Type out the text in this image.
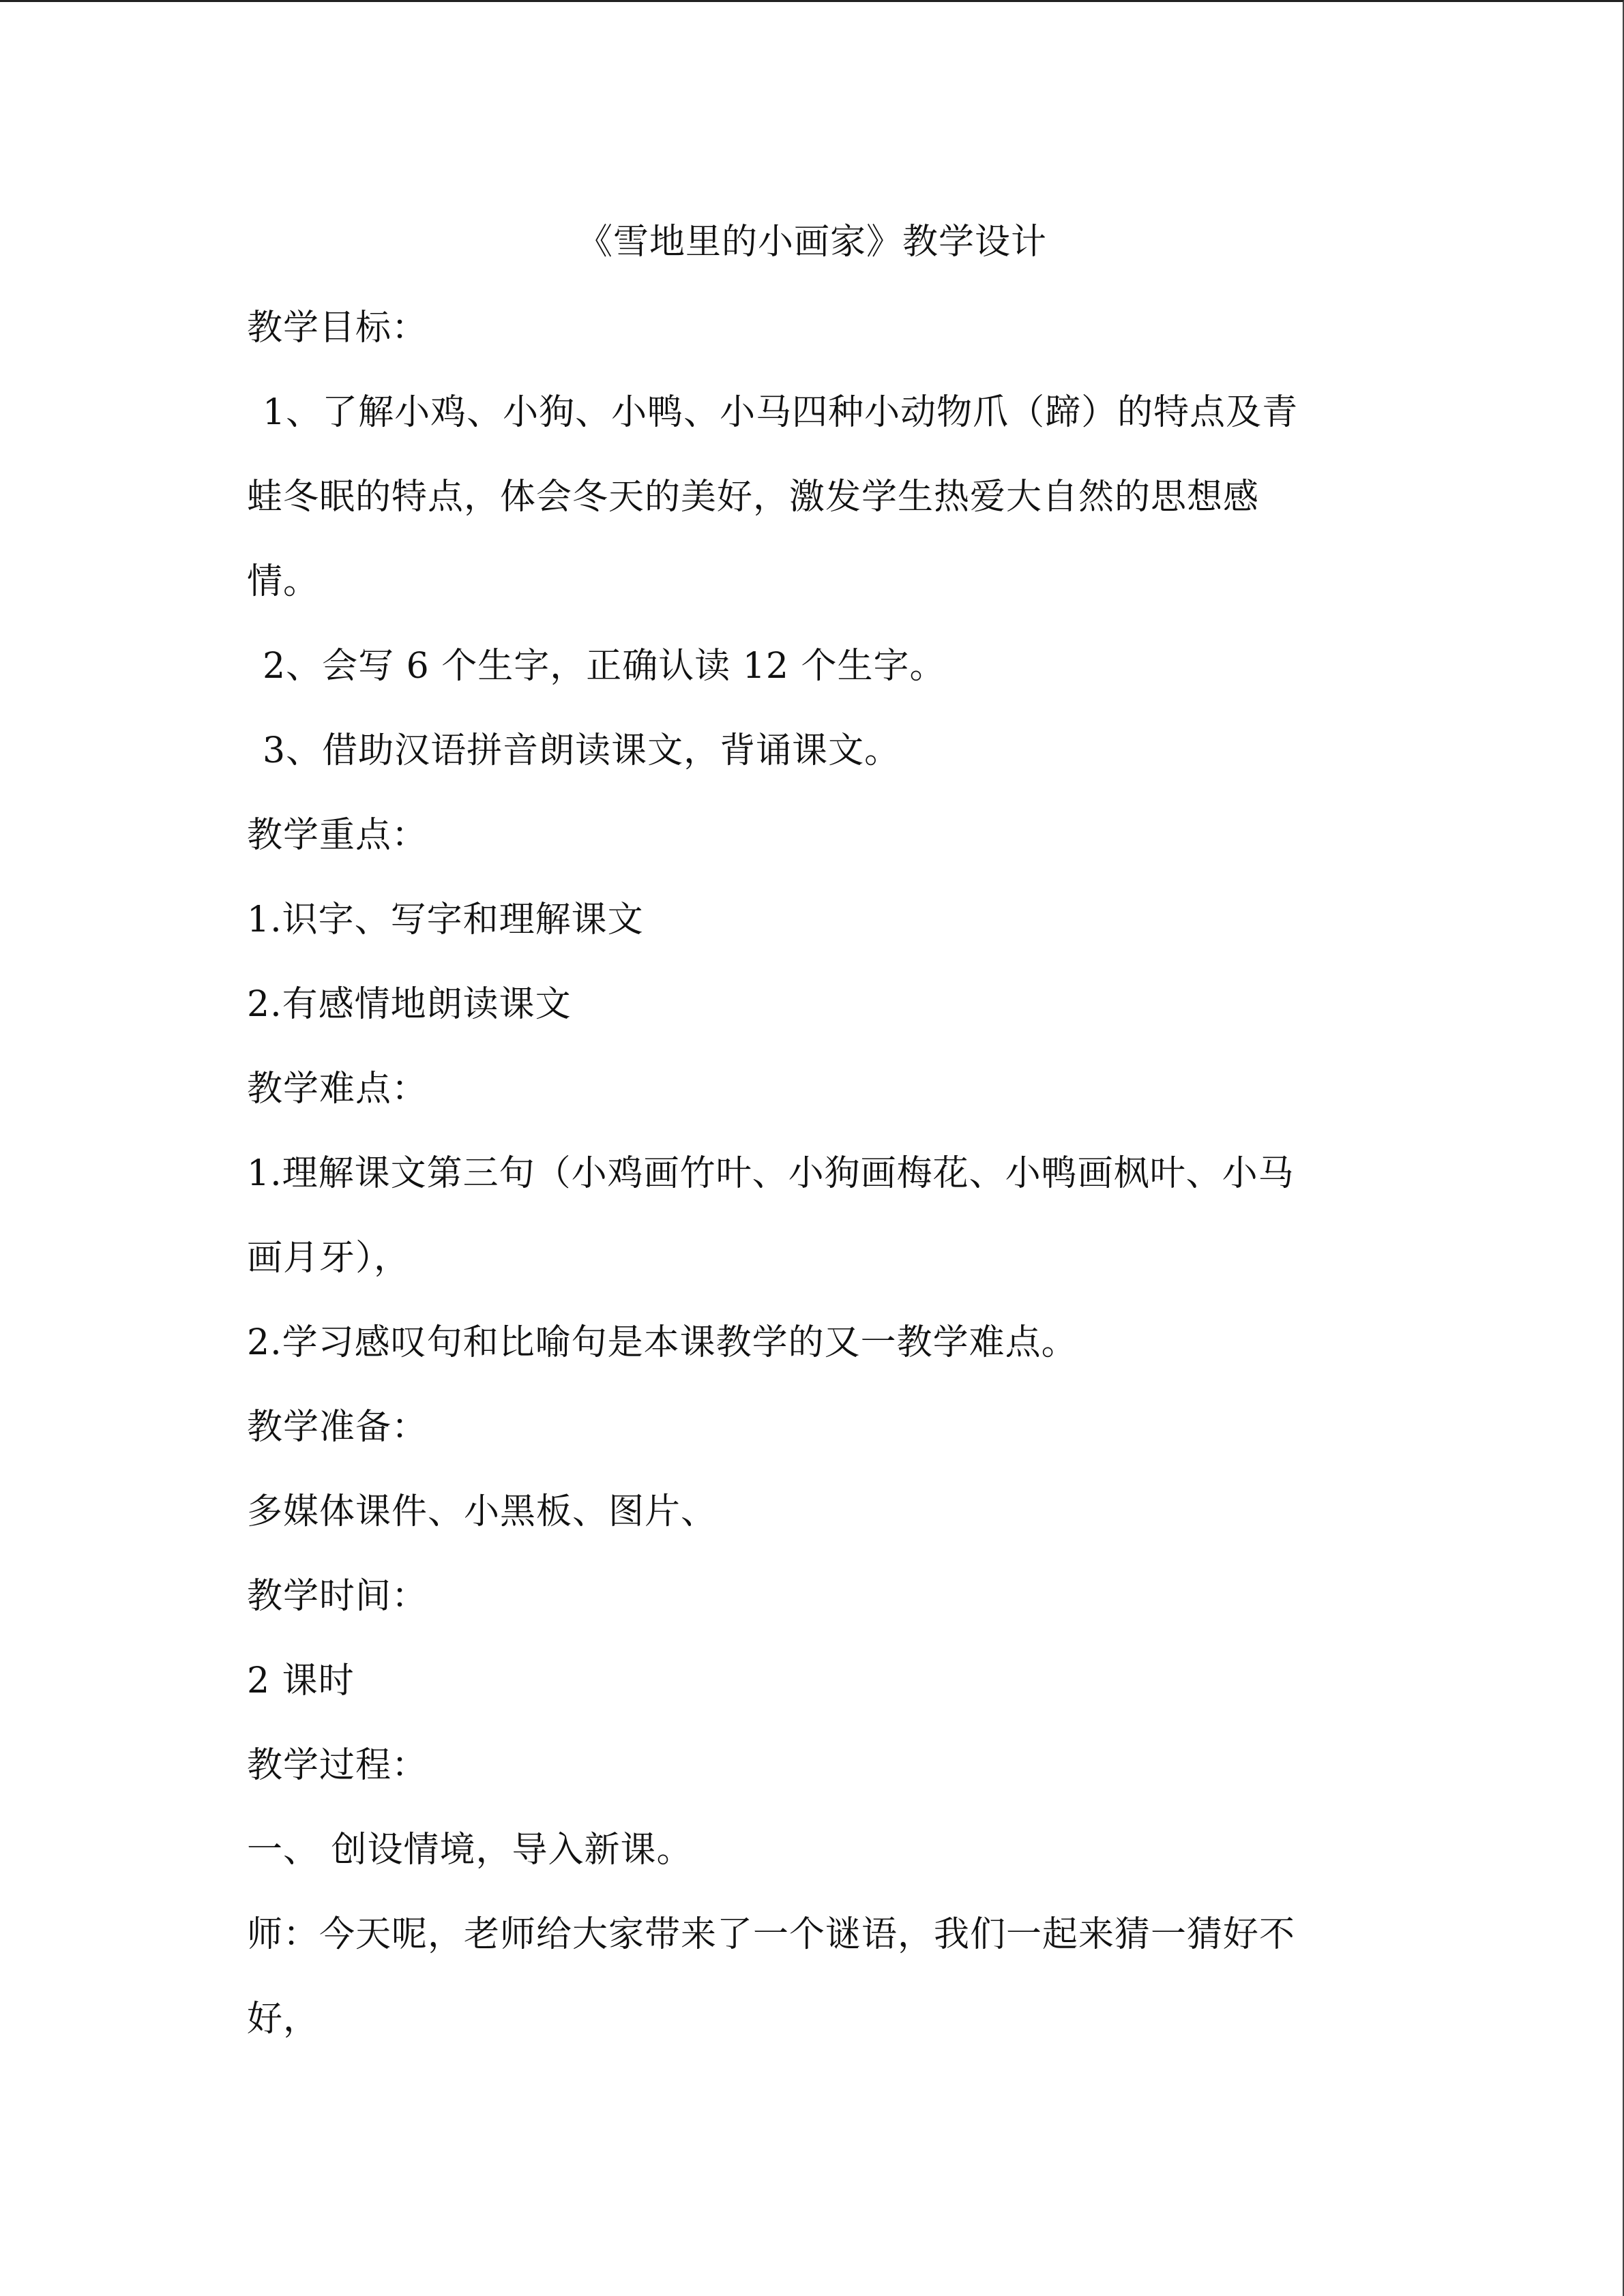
《雪地里的小画家》教学设计
教学目标：
1、了解小鸡、小狗、小鸭、小马四种小动物爪（蹄）的特点及青
蛙冬眠的特点，体会冬天的美好，激发学生热爱大自然的思想感
情。
2、会写 6 个生字，正确认读 12 个生字。
3、借助汉语拼音朗读课文，背诵课文。
教学重点：
1.识字、写字和理解课文
2.有感情地朗读课文
教学难点：
1.理解课文第三句（小鸡画竹叶、小狗画梅花、小鸭画枫叶、小马
画月牙），
2.学习感叹句和比喻句是本课教学的又一教学难点。
教学准备：
多媒体课件、小黑板、图片、
教学时间：
2 课时
教学过程：
一、 创设情境，导入新课。
师：今天呢，老师给大家带来了一个谜语，我们一起来猜一猜好不
好，
